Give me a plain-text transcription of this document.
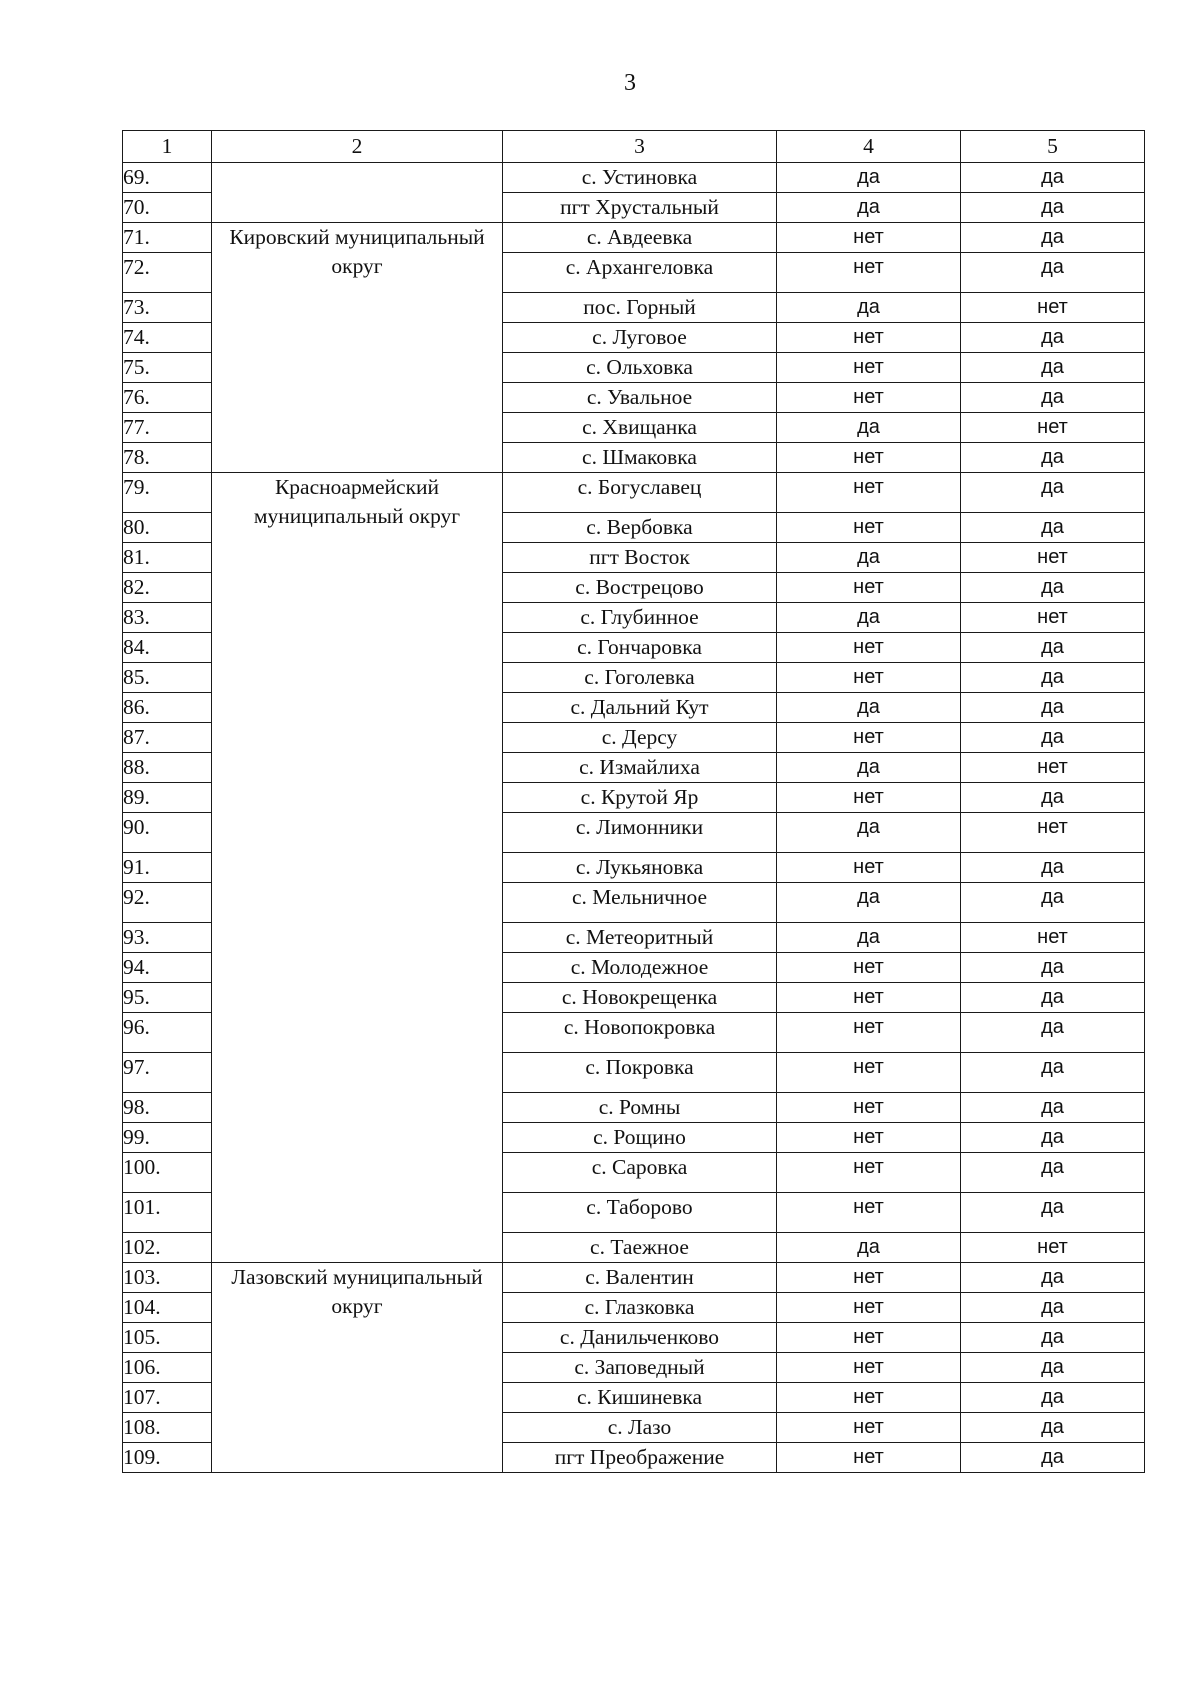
3
1	2	3	4	5
69.		с. Устиновка	да	да
70.		пгт Хрустальный	да	да
71.	Кировский муниципальный округ	с. Авдеевка	нет	да
72.		с. Архангеловка	нет	да
73.		пос. Горный	да	нет
74.		с. Луговое	нет	да
75.		с. Ольховка	нет	да
76.		с. Увальное	нет	да
77.		с. Хвищанка	да	нет
78.		с. Шмаковка	нет	да
79.	Красноармейский муниципальный округ	с. Богуславец	нет	да
80.		с. Вербовка	нет	да
81.		пгт Восток	да	нет
82.		с. Вострецово	нет	да
83.		с. Глубинное	да	нет
84.		с. Гончаровка	нет	да
85.		с. Гоголевка	нет	да
86.		с. Дальний Кут	да	да
87.		с. Дерсу	нет	да
88.		с. Измайлиха	да	нет
89.		с. Крутой Яр	нет	да
90.		с. Лимонники	да	нет
91.		с. Лукьяновка	нет	да
92.		с. Мельничное	да	да
93.		с. Метеоритный	да	нет
94.		с. Молодежное	нет	да
95.		с. Новокрещенка	нет	да
96.		с. Новопокровка	нет	да
97.		с. Покровка	нет	да
98.		с. Ромны	нет	да
99.		с. Рощино	нет	да
100.		с. Саровка	нет	да
101.		с. Таборово	нет	да
102.		с. Таежное	да	нет
103.	Лазовский муниципальный округ	с. Валентин	нет	да
104.		с. Глазковка	нет	да
105.		с. Данильченково	нет	да
106.		с. Заповедный	нет	да
107.		с. Кишиневка	нет	да
108.		с. Лазо	нет	да
109.		пгт Преображение	нет	да
